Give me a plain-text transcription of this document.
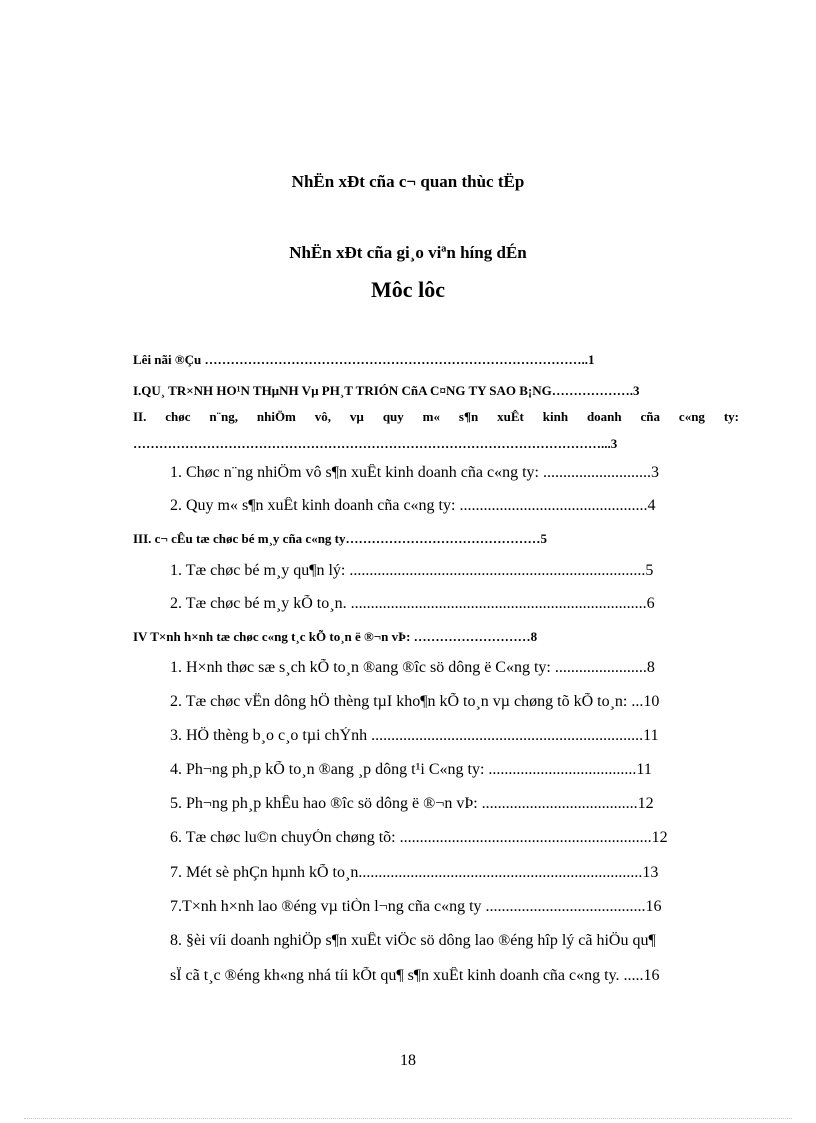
NhËn xÐt cña c¬ quan thùc tËp
NhËn xÐt cña gi¸o viªn híng dÉn
Môc lôc
Lêi nãi ®Çu ……………………………………………………………………………..1
I.QU¸ TR×NH HO¹N THµNH Vµ PH¸T TRIÓN CñA C¤NG TY SAO B¡NG……………….3
II. chøc n¨ng, nhiÖm vô, vµ quy m« s¶n xuÊt kinh doanh cña c«ng ty:
………………………………………………………………………………………………...3
1. Chøc n¨ng nhiÖm vô s¶n xuÊt kinh doanh cña c«ng ty: ...........................3
2. Quy m« s¶n xuÊt kinh doanh cña c«ng ty: ...............................................4
III. c¬ cÊu tæ chøc bé m¸y cña c«ng ty………………………………………5
1. Tæ chøc bé m¸y qu¶n lý: ..........................................................................5
2. Tæ chøc bé m¸y kÕ to¸n. ..........................................................................6
IV T×nh h×nh tæ chøc c«ng t¸c kÕ to¸n ë ®¬n vÞ: ………………………8
1. H×nh thøc sæ s¸ch kÕ to¸n ®ang ®îc sö dông ë C«ng ty: .......................8
2. Tæ chøc vËn dông hÖ thèng tµI kho¶n kÕ to¸n vµ chøng tõ kÕ to¸n: ...10
3. HÖ thèng b¸o c¸o tµi chÝnh ....................................................................11
4. Ph¬ng ph¸p kÕ to¸n ®ang ¸p dông t¹i C«ng ty: .....................................11
5. Ph¬ng ph¸p khÊu hao ®îc sö dông ë ®¬n vÞ: .......................................12
6. Tæ chøc lu©n chuyÓn chøng tõ: ...............................................................12
7. Mét sè phÇn hµnh kÕ to¸n.......................................................................13
7.T×nh h×nh lao ®éng vµ tiÒn l¬ng cña c«ng ty ........................................16
8. §èi víi doanh nghiÖp s¶n xuÊt viÖc sö dông lao ®éng hîp lý cã hiÖu qu¶
sÏ cã t¸c ®éng kh«ng nhá tíi kÕt qu¶ s¶n xuÊt kinh doanh cña c«ng ty. .....16
18
